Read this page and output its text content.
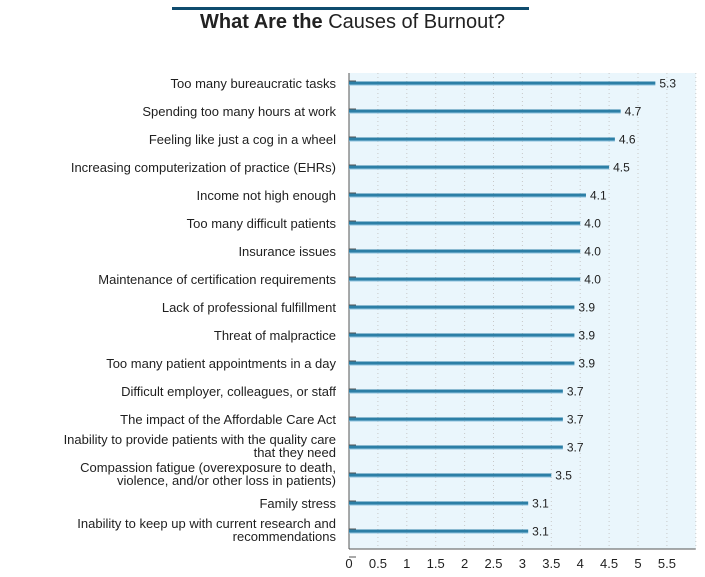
5.3
Too many bureaucratic tasks
4.7
Spending too many hours at work
4.6
Feeling like just a cog in a wheel
4.5
Increasing computerization of practice (EHRs)
4.1
Income not high enough
4.0
Too many difficult patients
4.0
Insurance issues
4.0
Maintenance of certification requirements
3.9
Lack of professional fulfillment
3.9
Threat of malpractice
3.9
Too many patient appointments in a day
3.7
Difficult employer, colleagues, or staff
3.7
The impact of the Affordable Care Act
3.7
Inability to provide patients with the quality care that they need
3.5
Compassion fatigue (overexposure to death, violence, and/or other loss in patients)
3.1
Family stress
3.1
Inability to keep up with current research and recommendations
0 0.5 1 1.5 2 2.5 3 3.5 4 4.5 5 5.5
What Are the Causes of Burnout?
